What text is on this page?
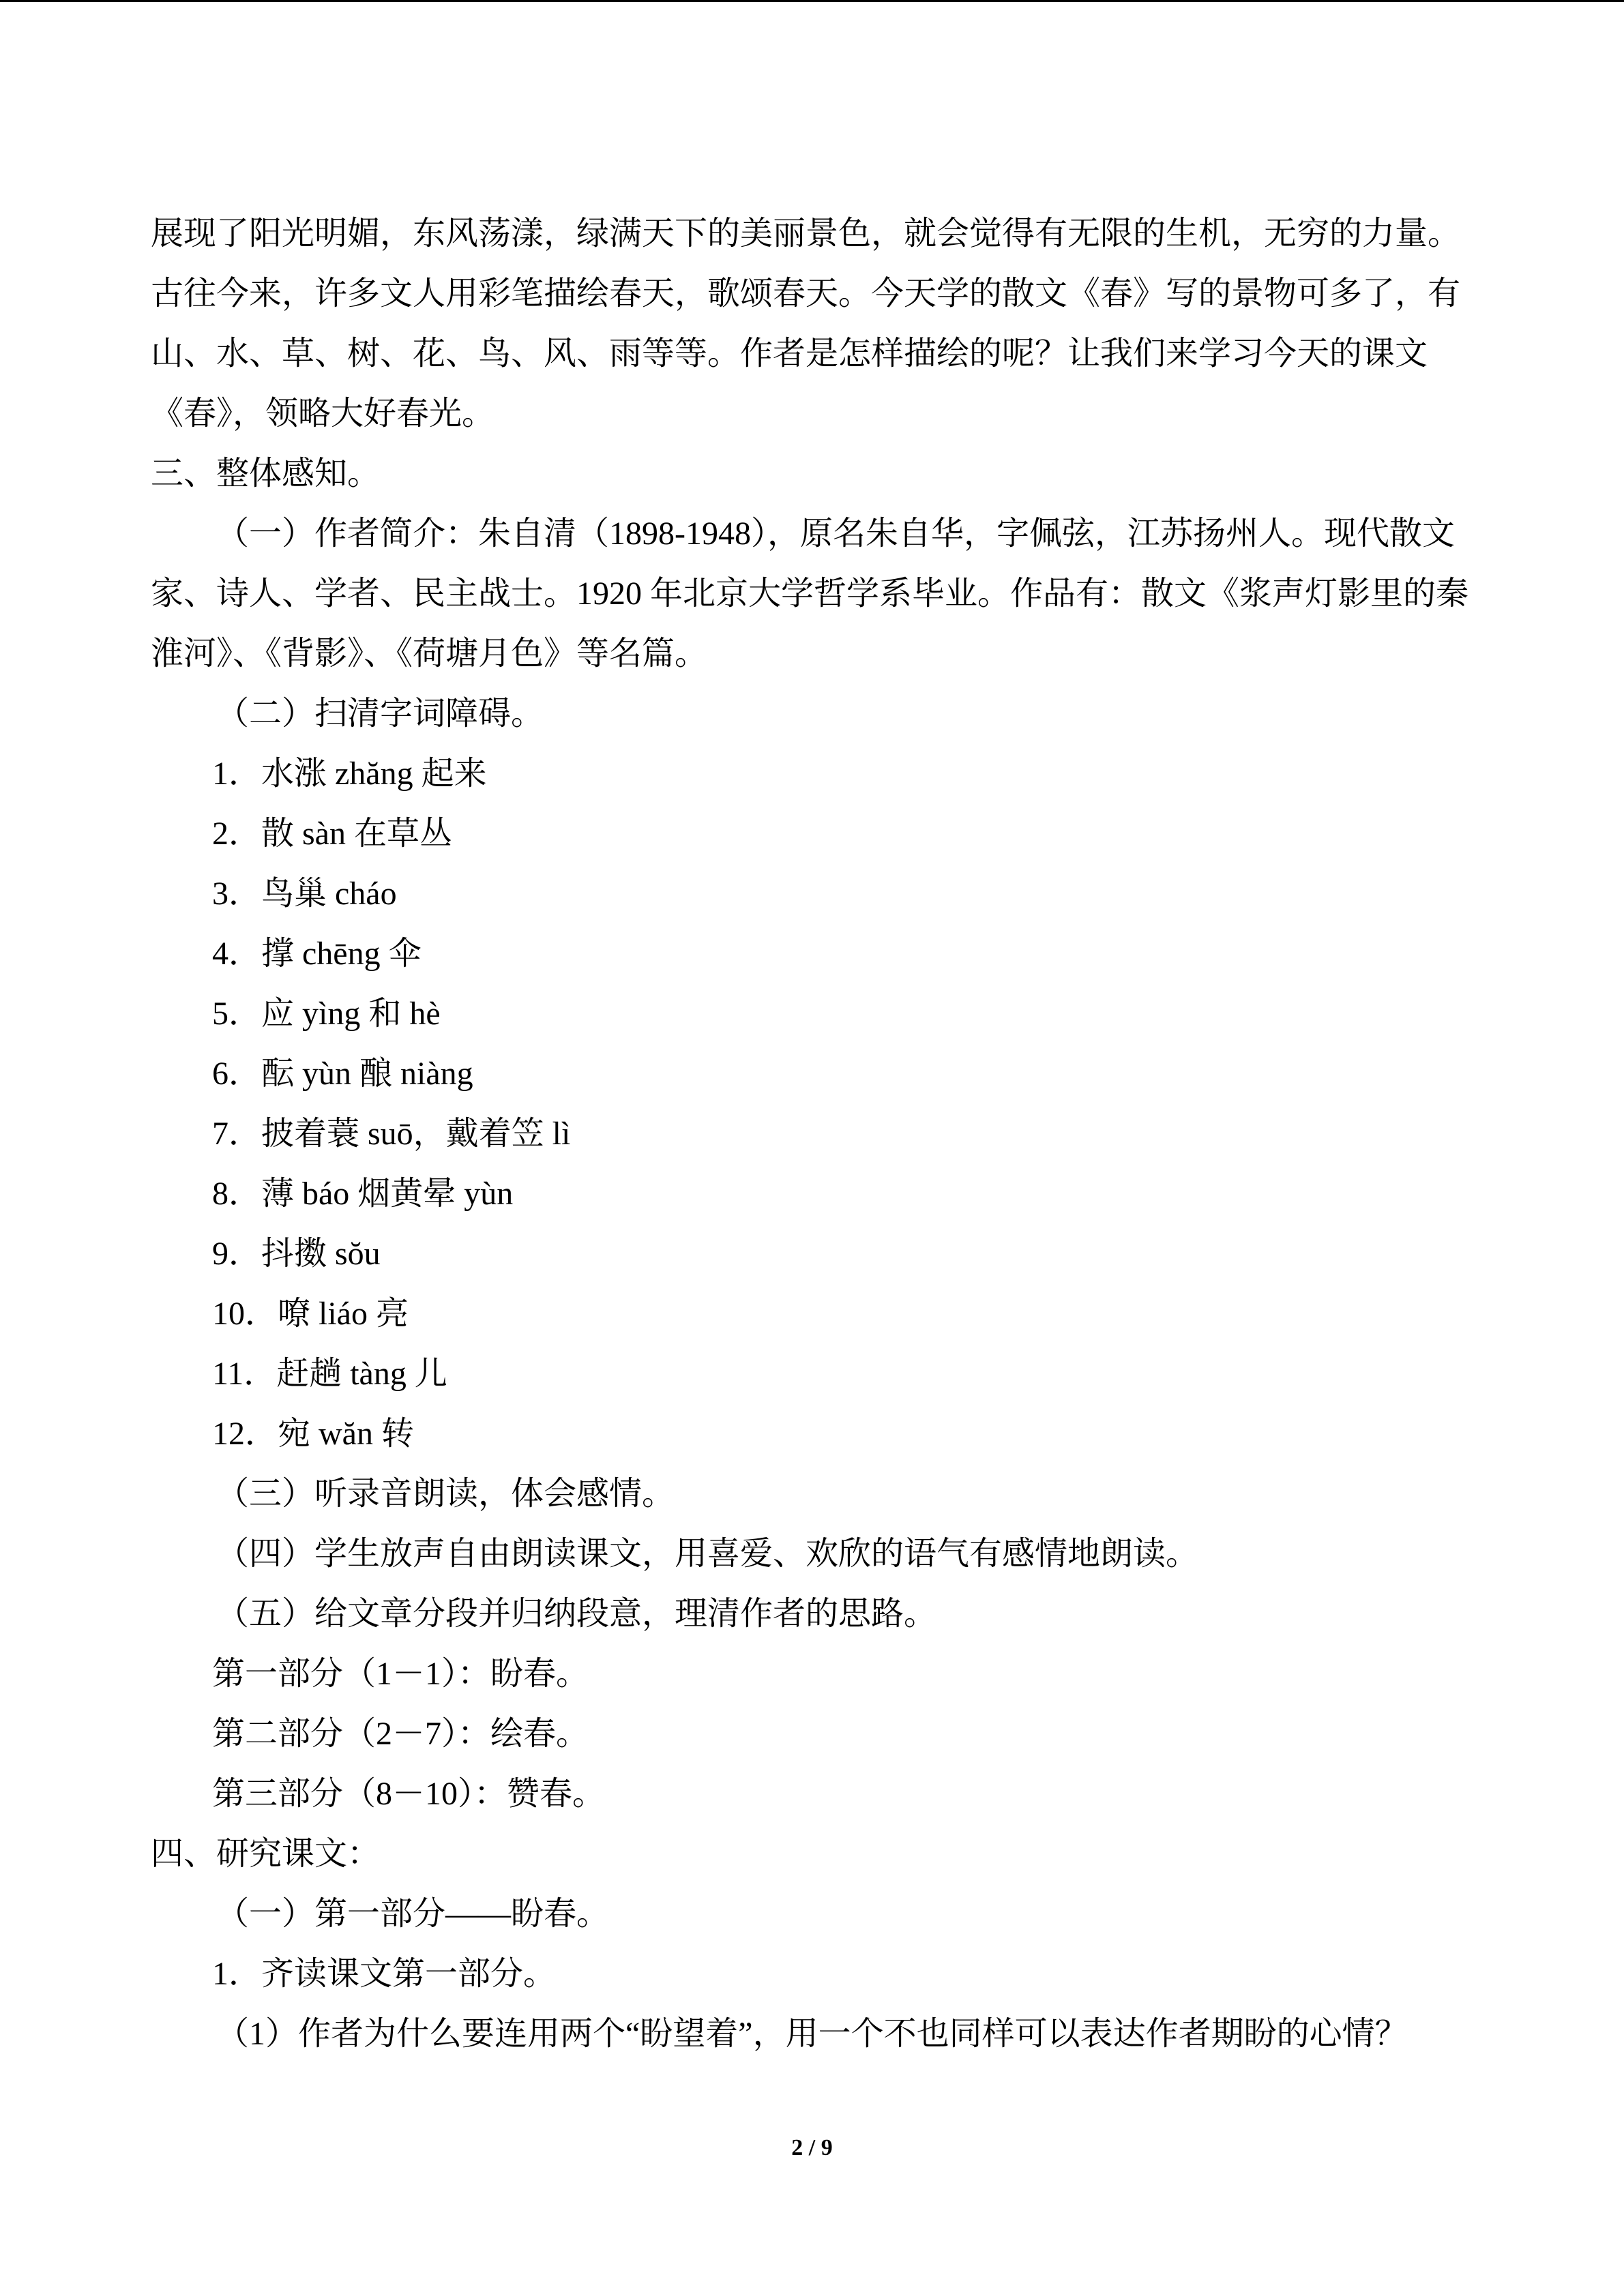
展现了阳光明媚，东风荡漾，绿满天下的美丽景色，就会觉得有无限的生机，无穷的力量。
古往今来，许多文人用彩笔描绘春天，歌颂春天。今天学的散文《春》写的景物可多了，有
山、水、草、树、花、鸟、风、雨等等。作者是怎样描绘的呢？让我们来学习今天的课文
《春》，领略大好春光。
三、整体感知。
（一）作者简介：朱自清（1898-1948），原名朱自华，字佩弦，江苏扬州人。现代散文
家、诗人、学者、民主战士。1920 年北京大学哲学系毕业。作品有：散文《浆声灯影里的秦
淮河》、《背影》、《荷塘月色》等名篇。
（二）扫清字词障碍。
1．水涨 zhăng 起来
2．散 sàn 在草丛
3．鸟巢 cháo
4．撑 chēng 伞
5．应 yìng 和 hè
6．酝 yùn 酿 niàng
7．披着蓑 suō，戴着笠 lì
8．薄 báo 烟黄晕 yùn
9．抖擞 sŏu
10．嘹 liáo 亮
11．赶趟 tàng 儿
12．宛 wăn 转
（三）听录音朗读，体会感情。
（四）学生放声自由朗读课文，用喜爱、欢欣的语气有感情地朗读。
（五）给文章分段并归纳段意，理清作者的思路。
第一部分（1－1）：盼春。
第二部分（2－7）：绘春。
第三部分（8－10）：赞春。
四、研究课文：
（一）第一部分——盼春。
1．齐读课文第一部分。
（1）作者为什么要连用两个“盼望着”，用一个不也同样可以表达作者期盼的心情？
2 / 9
